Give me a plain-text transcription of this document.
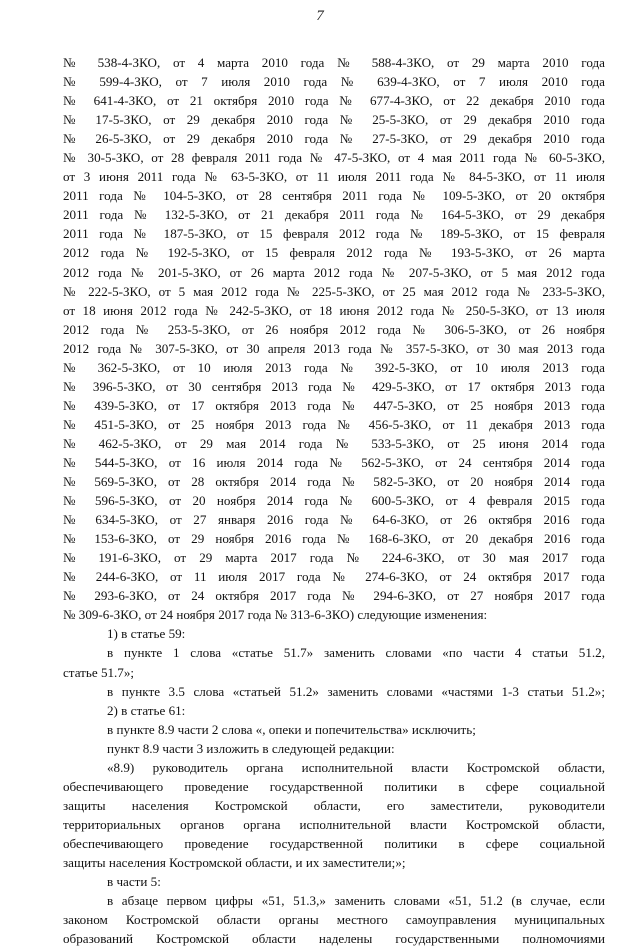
7
№ 538-4-ЗКО, от 4 марта 2010 года № 588-4-ЗКО, от 29 марта 2010 года
№ 599-4-ЗКО, от 7 июля 2010 года № 639-4-ЗКО, от 7 июля 2010 года
№ 641-4-ЗКО, от 21 октября 2010 года № 677-4-ЗКО, от 22 декабря 2010 года
№ 17-5-ЗКО, от 29 декабря 2010 года № 25-5-ЗКО, от 29 декабря 2010 года
№ 26-5-ЗКО, от 29 декабря 2010 года № 27-5-ЗКО, от 29 декабря 2010 года
№ 30-5-ЗКО, от 28 февраля 2011 года № 47-5-ЗКО, от 4 мая 2011 года № 60-5-ЗКО,
от 3 июня 2011 года № 63-5-ЗКО, от 11 июля 2011 года № 84-5-ЗКО, от 11 июля
2011 года № 104-5-ЗКО, от 28 сентября 2011 года № 109-5-ЗКО, от 20 октября
2011 года № 132-5-ЗКО, от 21 декабря 2011 года № 164-5-ЗКО, от 29 декабря
2011 года № 187-5-ЗКО, от 15 февраля 2012 года № 189-5-ЗКО, от 15 февраля
2012 года № 192-5-ЗКО, от 15 февраля 2012 года № 193-5-ЗКО, от 26 марта
2012 года № 201-5-ЗКО, от 26 марта 2012 года № 207-5-ЗКО, от 5 мая 2012 года
№ 222-5-ЗКО, от 5 мая 2012 года № 225-5-ЗКО, от 25 мая 2012 года № 233-5-ЗКО,
от 18 июня 2012 года № 242-5-ЗКО, от 18 июня 2012 года № 250-5-ЗКО, от 13 июля
2012 года № 253-5-ЗКО, от 26 ноября 2012 года № 306-5-ЗКО, от 26 ноября
2012 года № 307-5-ЗКО, от 30 апреля 2013 года № 357-5-ЗКО, от 30 мая 2013 года
№ 362-5-ЗКО, от 10 июля 2013 года № 392-5-ЗКО, от 10 июля 2013 года
№ 396-5-ЗКО, от 30 сентября 2013 года № 429-5-ЗКО, от 17 октября 2013 года
№ 439-5-ЗКО, от 17 октября 2013 года № 447-5-ЗКО, от 25 ноября 2013 года
№ 451-5-ЗКО, от 25 ноября 2013 года № 456-5-ЗКО, от 11 декабря 2013 года
№ 462-5-ЗКО, от 29 мая 2014 года № 533-5-ЗКО, от 25 июня 2014 года
№ 544-5-ЗКО, от 16 июля 2014 года № 562-5-ЗКО, от 24 сентября 2014 года
№ 569-5-ЗКО, от 28 октября 2014 года № 582-5-ЗКО, от 20 ноября 2014 года
№ 596-5-ЗКО, от 20 ноября 2014 года № 600-5-ЗКО, от 4 февраля 2015 года
№ 634-5-ЗКО, от 27 января 2016 года № 64-6-ЗКО, от 26 октября 2016 года
№ 153-6-ЗКО, от 29 ноября 2016 года № 168-6-ЗКО, от 20 декабря 2016 года
№ 191-6-ЗКО, от 29 марта 2017 года № 224-6-ЗКО, от 30 мая 2017 года
№ 244-6-ЗКО, от 11 июля 2017 года № 274-6-ЗКО, от 24 октября 2017 года
№ 293-6-ЗКО, от 24 октября 2017 года № 294-6-ЗКО, от 27 ноября 2017 года
№ 309-6-ЗКО, от 24 ноября 2017 года № 313-6-ЗКО) следующие изменения:
1) в статье 59:
в пункте 1 слова «статье 51.7» заменить словами «по части 4 статьи 51.2,
статье 51.7»;
в пункте 3.5 слова «статьей 51.2» заменить словами «частями 1-3 статьи 51.2»;
2) в статье 61:
в пункте 8.9 части 2 слова «, опеки и попечительства» исключить;
пункт 8.9 части 3 изложить в следующей редакции:
«8.9) руководитель органа исполнительной власти Костромской области,
обеспечивающего проведение государственной политики в сфере социальной
защиты населения Костромской области, его заместители, руководители
территориальных органов органа исполнительной власти Костромской области,
обеспечивающего проведение государственной политики в сфере социальной
защиты населения Костромской области, и их заместители;»;
в части 5:
в абзаце первом цифры «51, 51.3,» заменить словами «51, 51.2 (в случае, если
законом Костромской области органы местного самоуправления муниципальных
образований Костромской области наделены государственными полномочиями
